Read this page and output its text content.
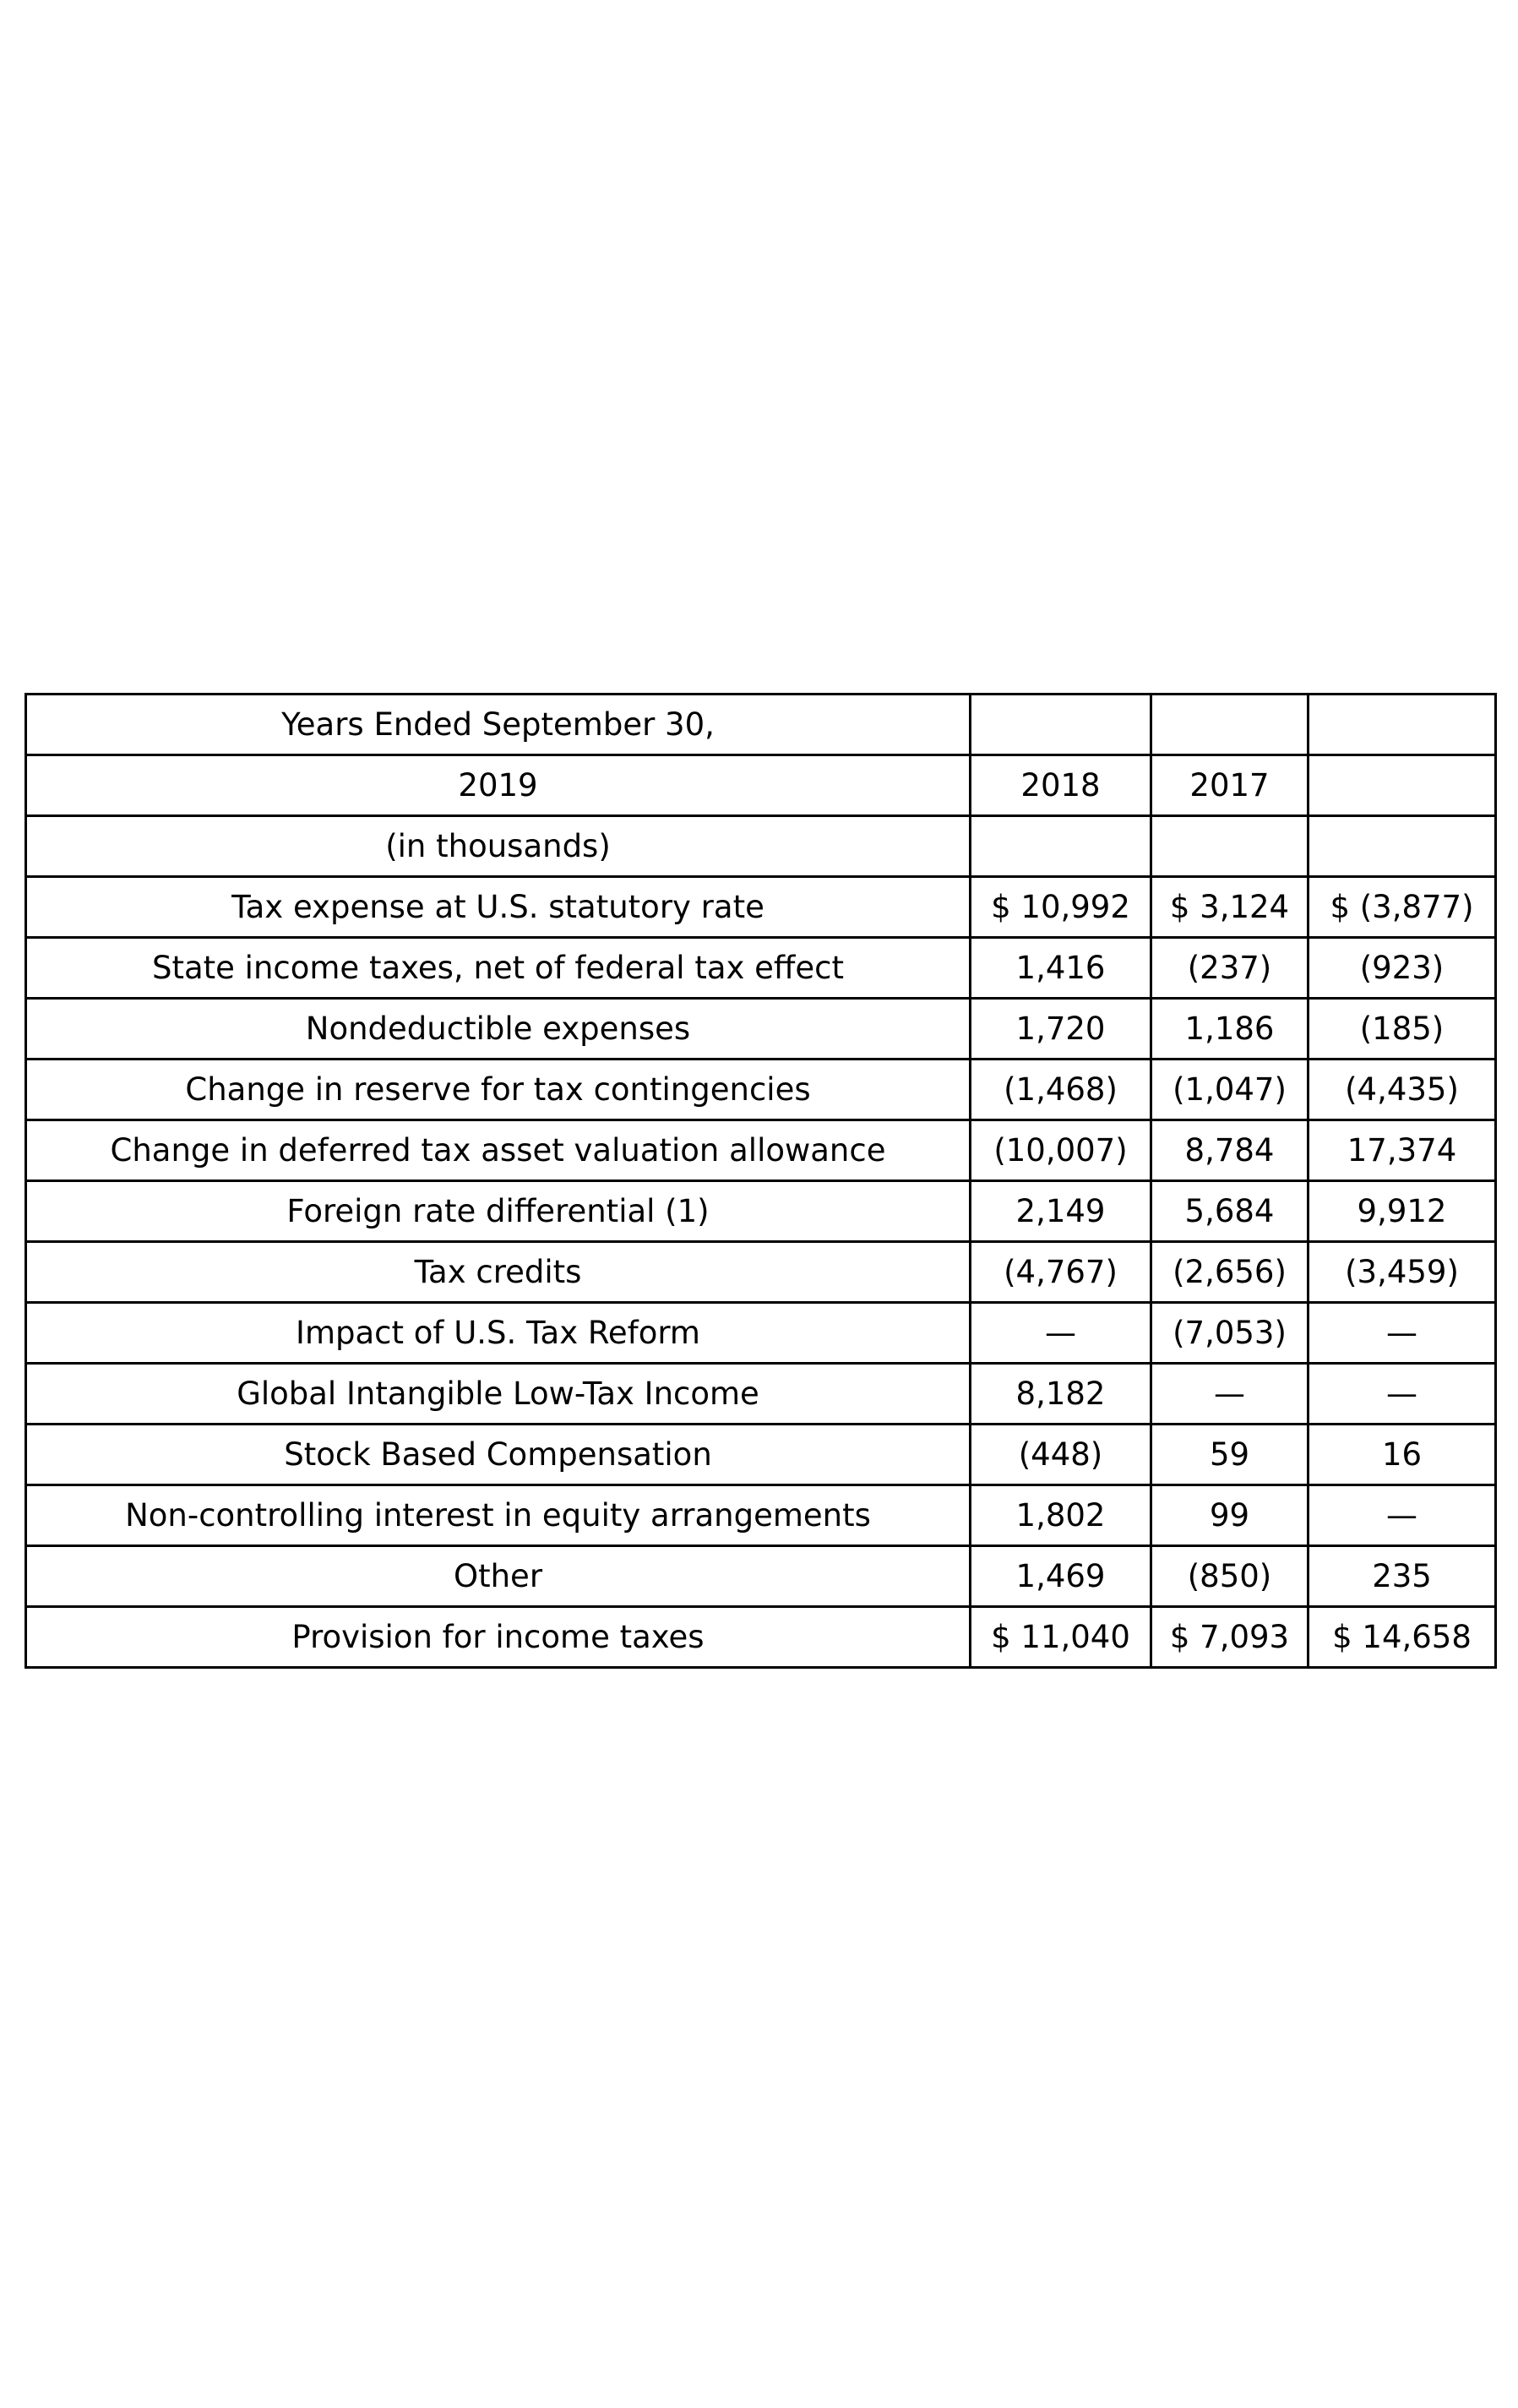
Years Ended September 30,			
2019	2018	2017	
(in thousands)			
Tax expense at U.S. statutory rate	$ 10,992	$ 3,124	$ (3,877)
State income taxes, net of federal tax effect	1,416	(237)	(923)
Nondeductible expenses	1,720	1,186	(185)
Change in reserve for tax contingencies	(1,468)	(1,047)	(4,435)
Change in deferred tax asset valuation allowance	(10,007)	8,784	17,374
Foreign rate differential (1)	2,149	5,684	9,912
Tax credits	(4,767)	(2,656)	(3,459)
Impact of U.S. Tax Reform	—	(7,053)	—
Global Intangible Low-Tax Income	8,182	—	—
Stock Based Compensation	(448)	59	16
Non-controlling interest in equity arrangements	1,802	99	—
Other	1,469	(850)	235
Provision for income taxes	$ 11,040	$ 7,093	$ 14,658
